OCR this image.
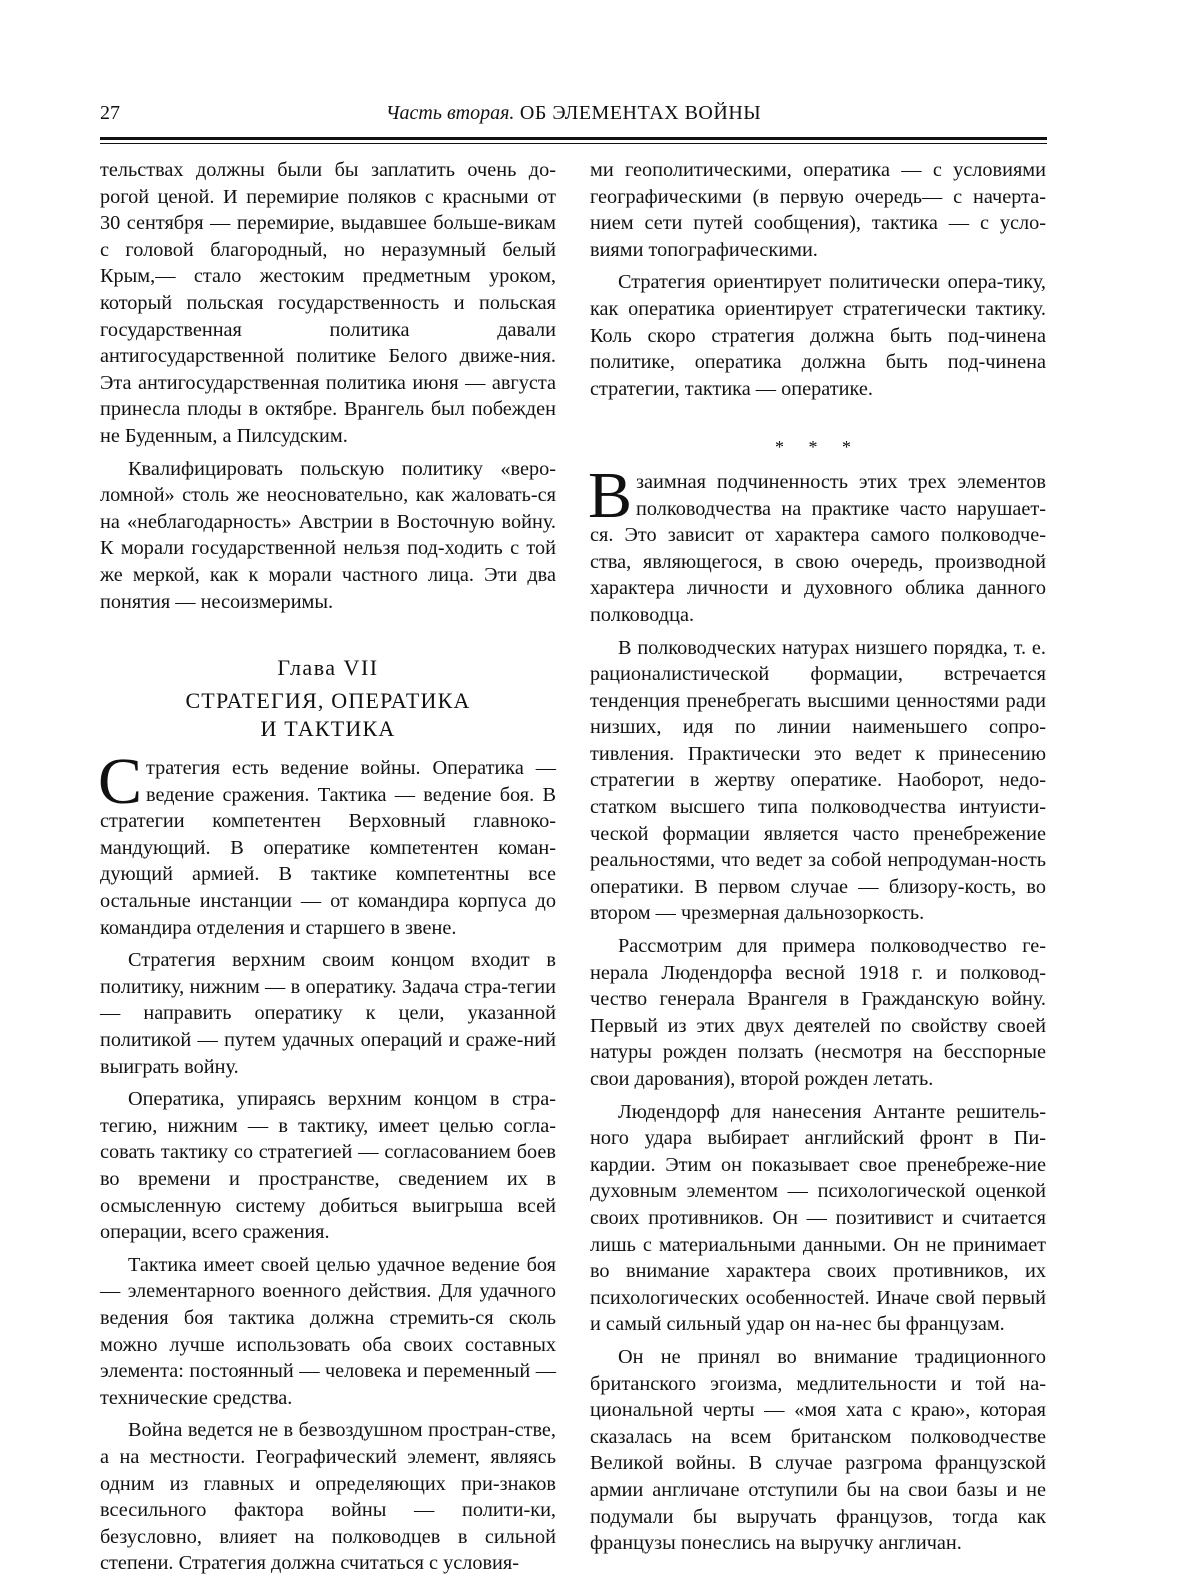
27	Часть вторая. ОБ ЭЛЕМЕНТАХ ВОЙНЫ

тельствах должны были бы заплатить очень до-рогой ценой. И перемирие поляков с красными от 30 сентября — перемирие, выдавшее больше-викам с головой благородный, но неразумный белый Крым,— стало жестоким предметным уроком, который польская государственность и польская государственная политика давали антигосударственной политике Белого движе-ния. Эта антигосударственная политика июня — августа принесла плоды в октябре. Врангель был побежден не Буденным, а Пилсудским.

Квалифицировать польскую политику «веро-ломной» столь же неосновательно, как жаловать-ся на «неблагодарность» Австрии в Восточную войну. К морали государственной нельзя под-ходить с той же меркой, как к морали частного лица. Эти два понятия — несоизмеримы.

Глава VII
СТРАТЕГИЯ, ОПЕРАТИКА
И ТАКТИКА

Стратегия есть ведение войны. Оператика — ведение сражения. Тактика — ведение боя. В стратегии компетентен Верховный главноко-мандующий. В оператике компетентен коман-дующий армией. В тактике компетентны все остальные инстанции — от командира корпуса до командира отделения и старшего в звене.

Стратегия верхним своим концом входит в политику, нижним — в оператику. Задача стра-тегии — направить оператику к цели, указанной политикой — путем удачных операций и сраже-ний выиграть войну.

Оператика, упираясь верхним концом в стра-тегию, нижним — в тактику, имеет целью согла-совать тактику со стратегией — согласованием боев во времени и пространстве, сведением их в осмысленную систему добиться выигрыша всей операции, всего сражения.

Тактика имеет своей целью удачное ведение боя — элементарного военного действия. Для удачного ведения боя тактика должна стремить-ся сколь можно лучше использовать оба своих составных элемента: постоянный — человека и переменный — технические средства.

Война ведется не в безвоздушном простран-стве, а на местности. Географический элемент, являясь одним из главных и определяющих при-знаков всесильного фактора войны — полити-ки, безусловно, влияет на полководцев в сильной степени. Стратегия должна считаться с условия-

ми геополитическими, оператика — с условиями географическими (в первую очередь— с начерта-нием сети путей сообщения), тактика — с усло-виями топографическими.

Стратегия ориентирует политически опера-тику, как оператика ориентирует стратегически тактику. Коль скоро стратегия должна быть под-чинена политике, оператика должна быть под-чинена стратегии, тактика — оператике.

* * *

Взаимная подчиненность этих трех элементов полководчества на практике часто нарушает-ся. Это зависит от характера самого полководче-ства, являющегося, в свою очередь, производной характера личности и духовного облика данного полководца.

В полководческих натурах низшего порядка, т. е. рационалистической формации, встречается тенденция пренебрегать высшими ценностями ради низших, идя по линии наименьшего сопро-тивления. Практически это ведет к принесению стратегии в жертву оператике. Наоборот, недо-статком высшего типа полководчества интуисти-ческой формации является часто пренебрежение реальностями, что ведет за собой непродуман-ность оператики. В первом случае — близору-кость, во втором — чрезмерная дальнозоркость.

Рассмотрим для примера полководчество ге-нерала Людендорфа весной 1918 г. и полковод-чество генерала Врангеля в Гражданскую войну. Первый из этих двух деятелей по свойству своей натуры рожден ползать (несмотря на бесспорные свои дарования), второй рожден летать.

Людендорф для нанесения Антанте решитель-ного удара выбирает английский фронт в Пи-кардии. Этим он показывает свое пренебреже-ние духовным элементом — психологической оценкой своих противников. Он — позитивист и считается лишь с материальными данными. Он не принимает во внимание характера своих противников, их психологических особенностей. Иначе свой первый и самый сильный удар он на-нес бы французам.

Он не принял во внимание традиционного британского эгоизма, медлительности и той на-циональной черты — «моя хата с краю», которая сказалась на всем британском полководчестве Великой войны. В случае разгрома французской армии англичане отступили бы на свои базы и не подумали бы выручать французов, тогда как французы понеслись на выручку англичан.
